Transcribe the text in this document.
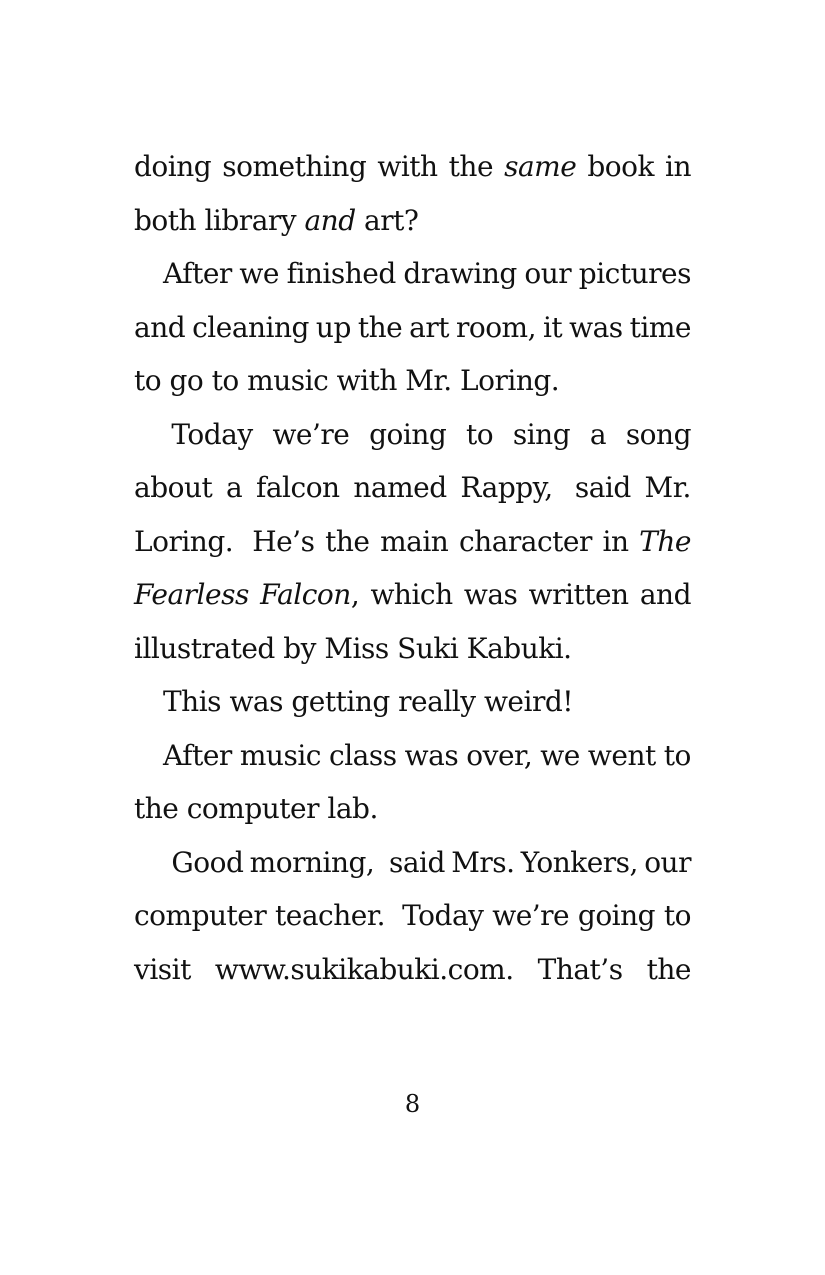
doing something with the same book in
both library and art?
After we finished drawing our pictures
and cleaning up the art room, it was time
to go to music with Mr. Loring.
Today we’re going to sing a song
about a falcon named Rappy, said Mr.
Loring. He’s the main character in The
Fearless Falcon, which was written and
illustrated by Miss Suki Kabuki.
This was getting really weird!
After music class was over, we went to
the computer lab.
Good morning, said Mrs. Yonkers, our
computer teacher. Today we’re going to
visit www.sukikabuki.com. That’s the
8
